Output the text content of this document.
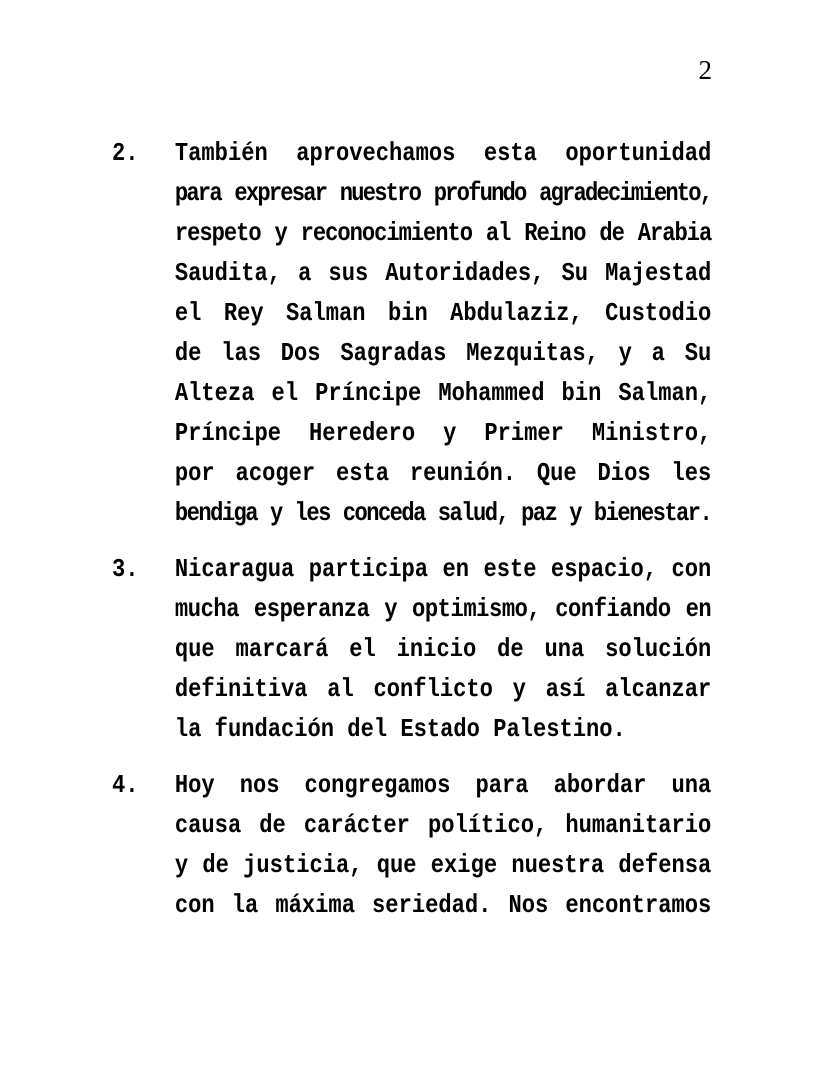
2
2.	También aprovechamos esta oportunidad
para expresar nuestro profundo agradecimiento,
respeto y reconocimiento al Reino de Arabia
Saudita, a sus Autoridades, Su Majestad
el Rey Salman bin Abdulaziz, Custodio
de las Dos Sagradas Mezquitas, y a Su
Alteza el Príncipe Mohammed bin Salman,
Príncipe Heredero y Primer Ministro,
por acoger esta reunión. Que Dios les
bendiga y les conceda salud, paz y bienestar.
3.	Nicaragua participa en este espacio, con
mucha esperanza y optimismo, confiando en
que marcará el inicio de una solución
definitiva al conflicto y así alcanzar
la fundación del Estado Palestino.
4.	Hoy nos congregamos para abordar una
causa de carácter político, humanitario
y de justicia, que exige nuestra defensa
con la máxima seriedad. Nos encontramos
